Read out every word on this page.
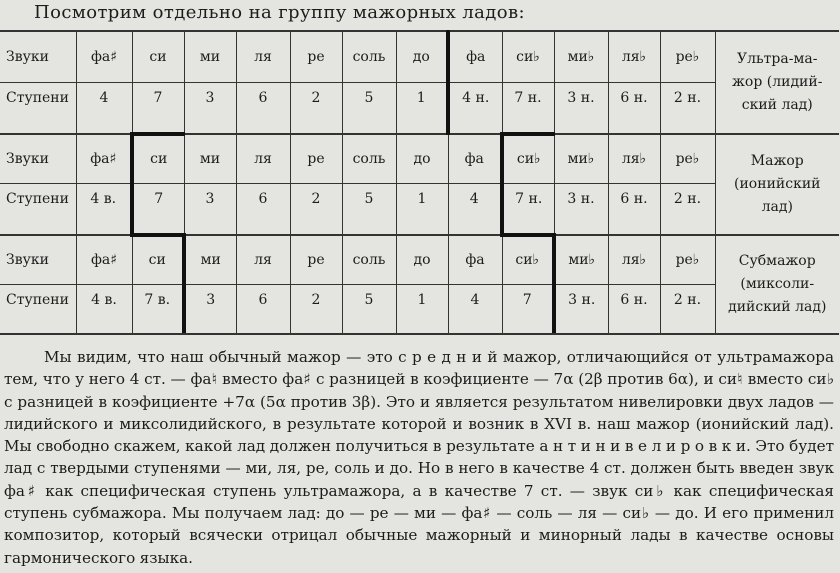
Посмотрим отдельно на группу мажорных ладов:
Звуки	фа♯	си	ми	ля	ре	соль	до	фа	си♭	ми♭	ля♭	ре♭	Ультра-ма-
жор (лидий-
ский лад)

Ступени	4	7	3	6	2	5	1	4 н.	7 н.	3 н.	6 н.	2 н.	
Звуки	фа♯	си	ми	ля	ре	соль	до	фа	си♭	ми♭	ля♭	ре♭	Мажор
(ионийский
лад)

Ступени	4 в.	7	3	6	2	5	1	4	7 н.	3 н.	6 н.	2 н.	
Звуки	фа♯	си	ми	ля	ре	соль	до	фа	си♭	ми♭	ля♭	ре♭	Субмажор
(миксоли-
дийский лад)

Ступени	4 в.	7 в.	3	6	2	5	1	4	7	3 н.	6 н.	2 н.	
Мы видим, что наш обычный мажор — это с р е д н и й мажор, отличающийся от ультрамажора тем, что у него 4 ст. — фа♮ вместо фа♯ с разницей в коэфициенте — 7α (2β против 6α), и си♮ вместо си♭ с разницей в коэфициенте +7α (5α против 3β). Это и является результатом нивелировки двух ладов — лидийского и миксолидийского, в результате которой и возник в XVI в. наш мажор (ионийский лад). Мы свободно скажем, какой лад должен получиться в результате а н т и н и в е л и р о в к и. Это будет лад с твердыми ступенями — ми, ля, ре, соль и до. Но в него в качестве 4 ст. должен быть введен звук фа♯ как специфическая ступень ультрамажора, а в качестве 7 ст. — звук си♭ как специфическая ступень субмажора. Мы получаем лад: до — ре — ми — фа♯ — соль — ля — си♭ — до. И его применил композитор, который всячески отрицал обычные мажорный и минорный лады в качестве основы гармонического языка.
